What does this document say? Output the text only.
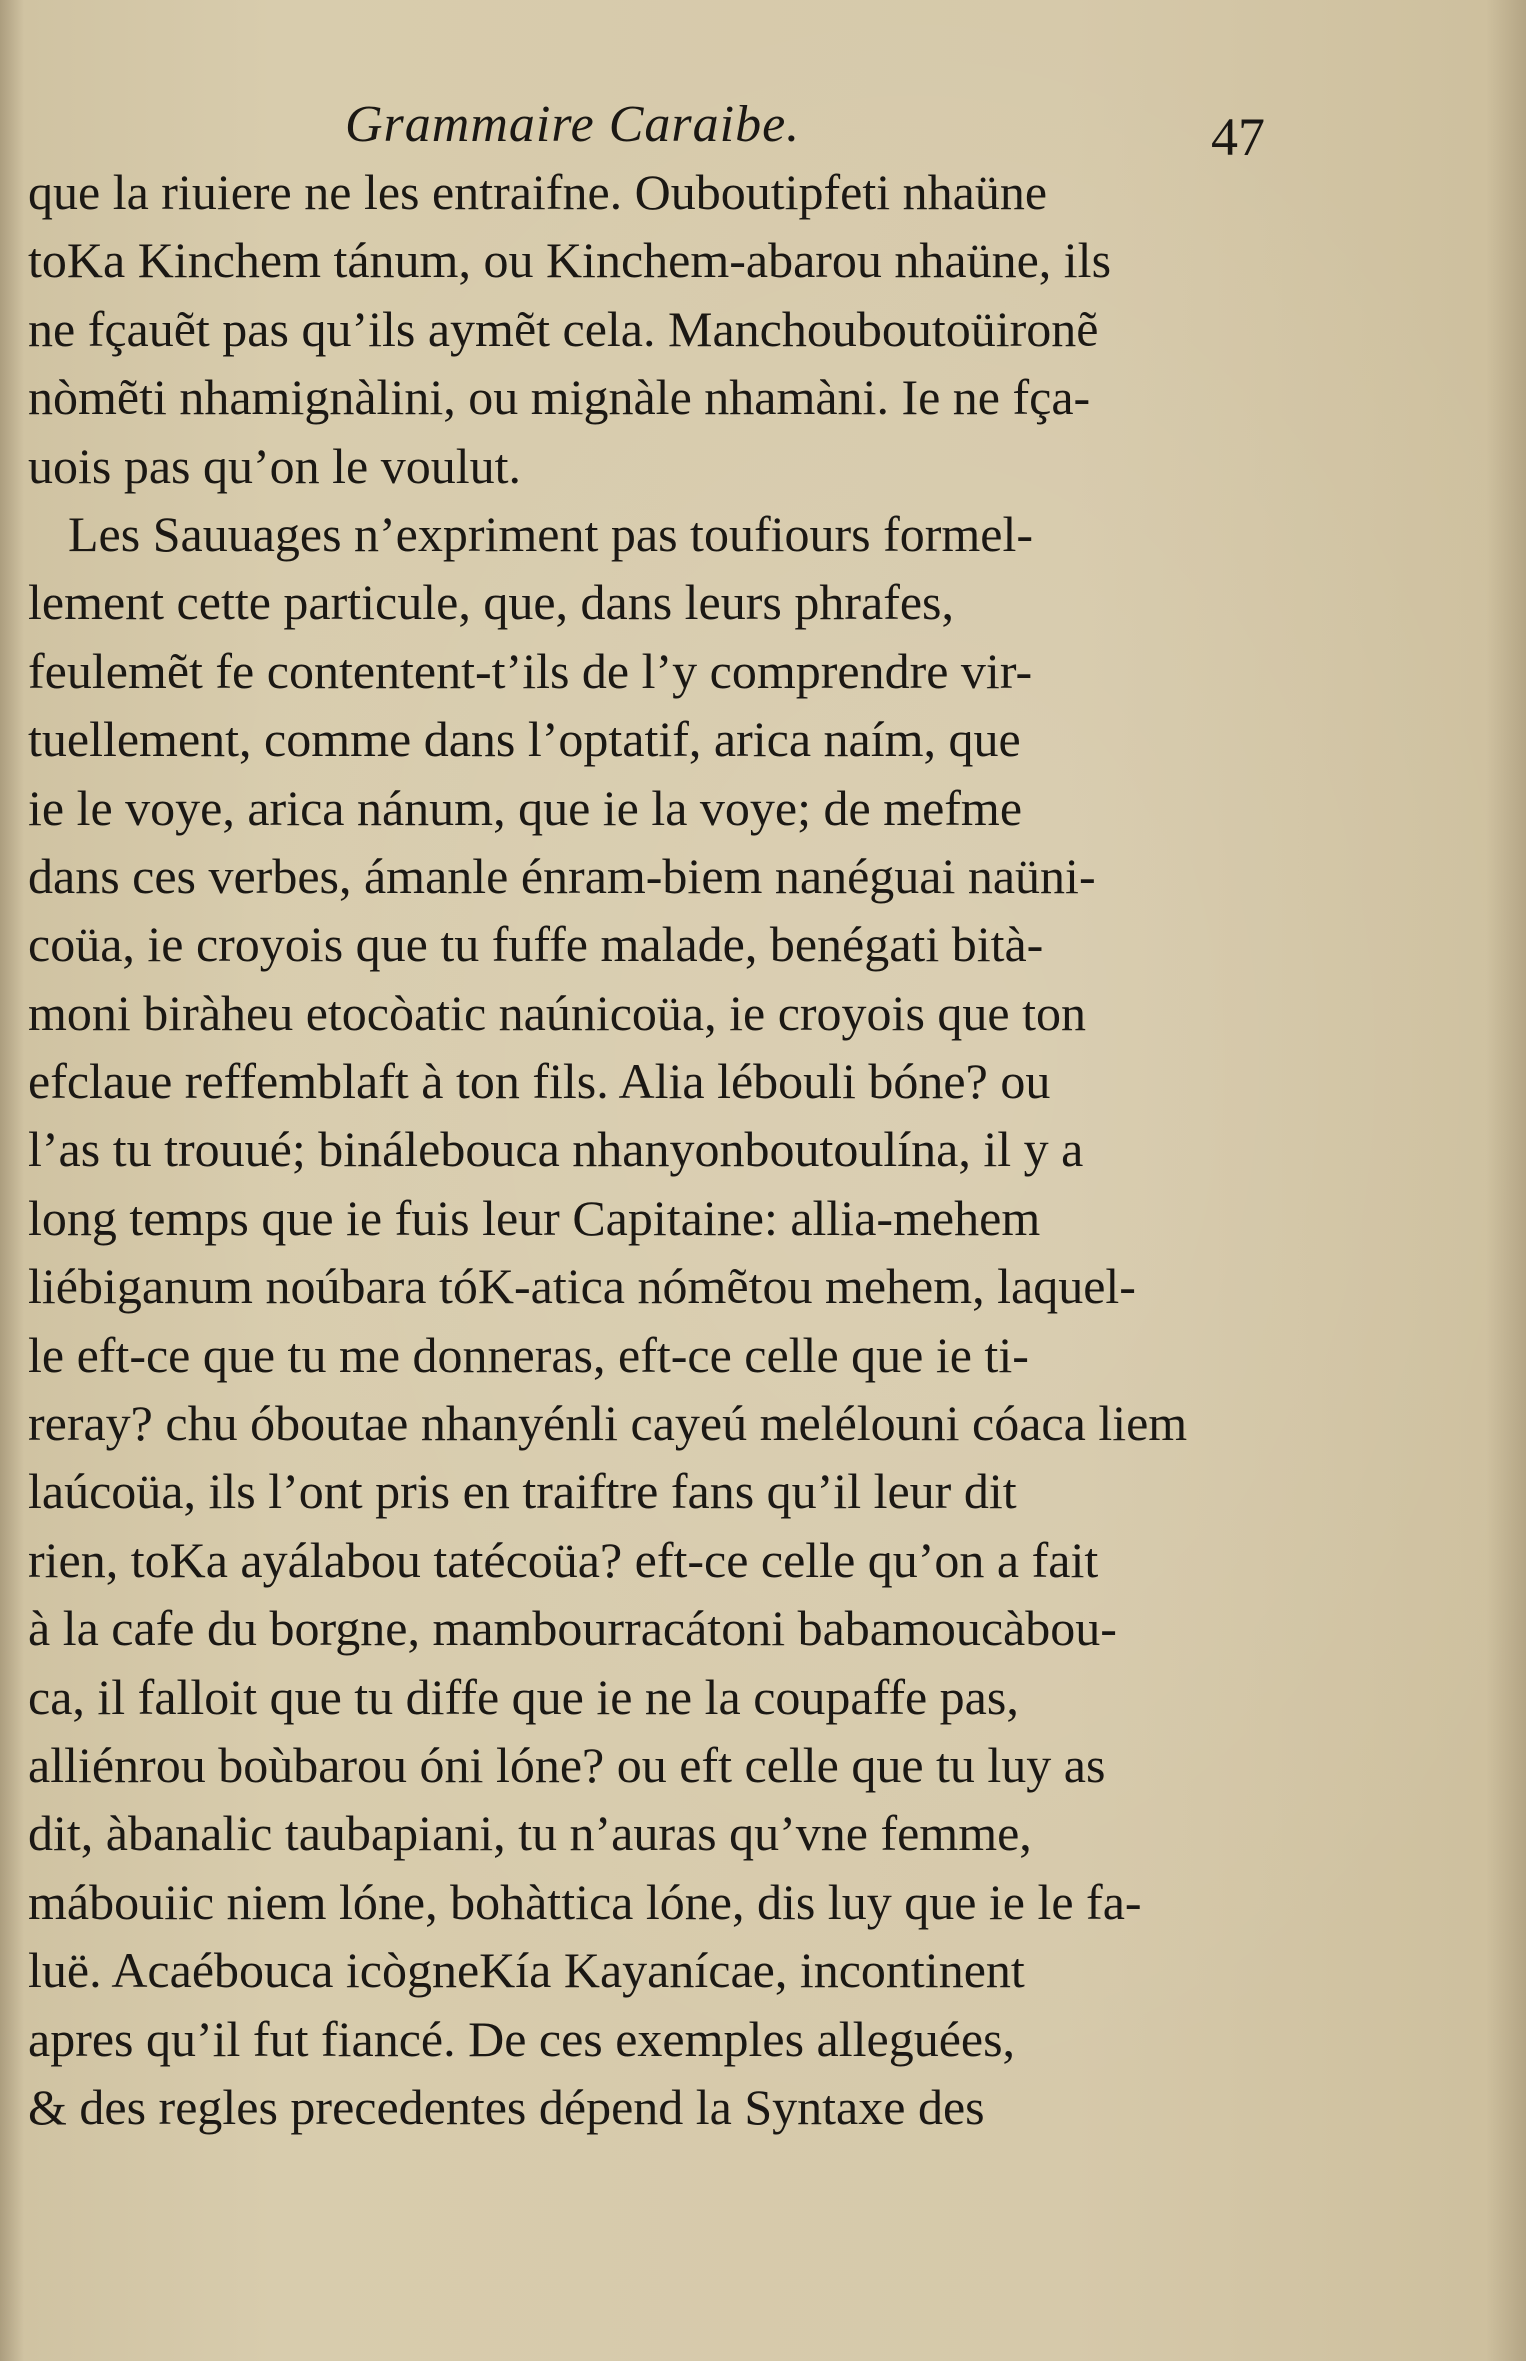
Grammaire Caraibe.	47
que la riuiere ne les entraifne. Ouboutipfeti nhaüne
toKa Kinchem tánum, ou Kinchem-abarou nhaüne, ils
ne fçauẽt pas qu’ils aymẽt cela. Manchouboutoüironẽ
nòmẽti nhamignàlini, ou mignàle nhamàni. Ie ne fça-
uois pas qu’on le voulut.
Les Sauuages n’expriment pas toufiours formel-
lement cette particule, que, dans leurs phrafes,
feulemẽt fe contentent-t’ils de l’y comprendre vir-
tuellement, comme dans l’optatif, arica naím, que
ie le voye, arica nánum, que ie la voye; de mefme
dans ces verbes, ámanle énram-biem nanéguai naüni-
coüa, ie croyois que tu fuffe malade, benégati bità-
moni biràheu etocòatic naúnicoüa, ie croyois que ton
efclaue reffemblaft à ton fils. Alia lébouli bóne? ou
l’as tu trouué; binálebouca nhanyonboutoulína, il y a
long temps que ie fuis leur Capitaine: allia-mehem
liébiganum noúbara tóK-atica nómẽtou mehem, laquel-
le eft-ce que tu me donneras, eft-ce celle que ie ti-
reray? chu óboutae nhanyénli cayeú melélouni cóaca liem
laúcoüa, ils l’ont pris en traiftre fans qu’il leur dit
rien, toKa ayálabou tatécoüa? eft-ce celle qu’on a fait
à la cafe du borgne, mambourracátoni babamoucàbou-
ca, il falloit que tu diffe que ie ne la coupaffe pas,
alliénrou boùbarou óni lóne? ou eft celle que tu luy as
dit, àbanalic taubapiani, tu n’auras qu’vne femme,
mábouiic niem lóne, bohàttica lóne, dis luy que ie le fa-
luë. Acaébouca icògneKía Kayanícae, incontinent
apres qu’il fut fiancé. De ces exemples alleguées,
& des regles precedentes dépend la Syntaxe des
